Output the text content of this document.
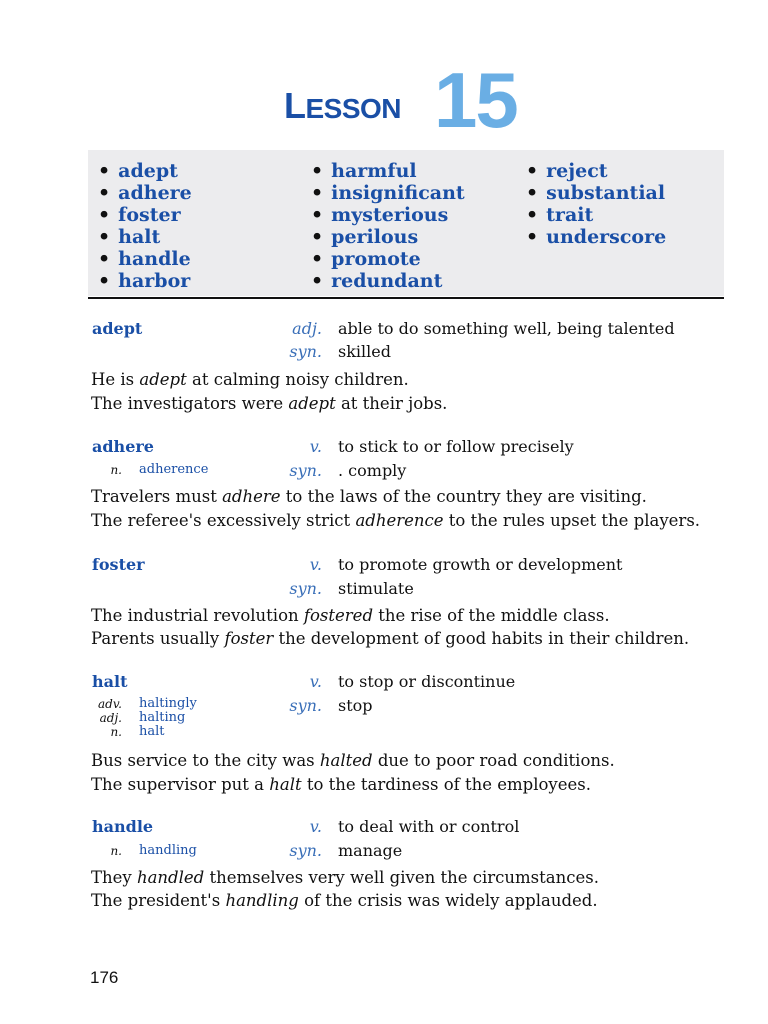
LESSON 15
• adept
• adhere
• foster
• halt
• handle
• harbor
• harmful
• insignificant
• mysterious
• perilous
• promote
• redundant
• reject
• substantial
• trait
• underscore
adept	adj. able to do something well, being talented
syn. skilled
He is adept at calming noisy children.
The investigators were adept at their jobs.
adhere	v. to stick to or follow precisely
n. adherence	syn. . comply
Travelers must adhere to the laws of the country they are visiting.
The referee's excessively strict adherence to the rules upset the players.
foster	v. to promote growth or development
syn. stimulate
The industrial revolution fostered the rise of the middle class.
Parents usually foster the development of good habits in their children.
halt	v. to stop or discontinue
syn. stop
adv. haltingly
adj. halting
n. halt
Bus service to the city was halted due to poor road conditions.
The supervisor put a halt to the tardiness of the employees.
handle	v. to deal with or control
n. handling	syn. manage
They handled themselves very well given the circumstances.
The president's handling of the crisis was widely applauded.
176
